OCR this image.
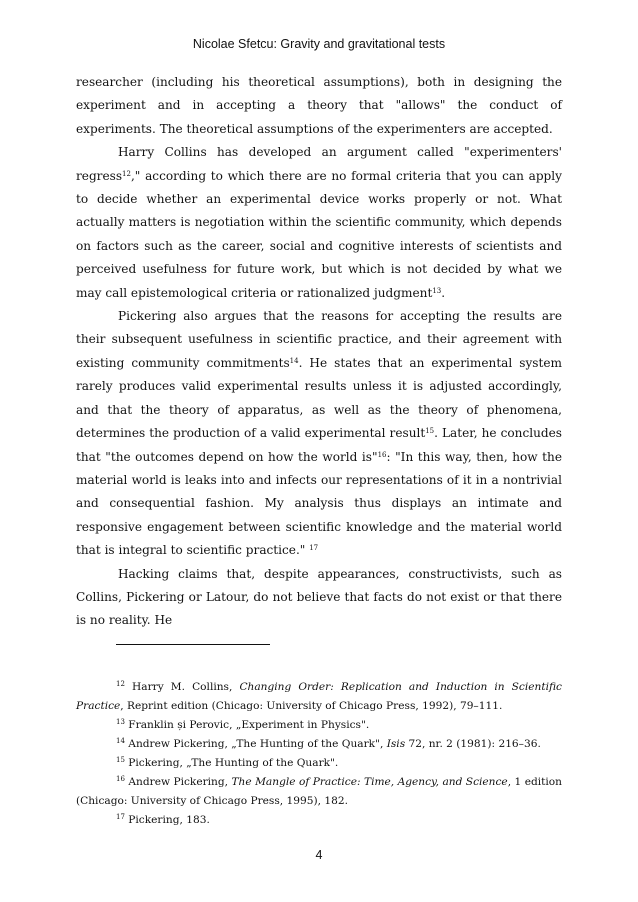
Nicolae Sfetcu: Gravity and gravitational tests

researcher (including his theoretical assumptions), both in designing the experiment and in accepting a theory that "allows" the conduct of experiments. The theoretical assumptions of the experimenters are accepted.

Harry Collins has developed an argument called "experimenters' regress$^{12}$," according to which there are no formal criteria that you can apply to decide whether an experimental device works properly or not. What actually matters is negotiation within the scientific community, which depends on factors such as the career, social and cognitive interests of scientists and perceived usefulness for future work, but which is not decided by what we may call epistemological criteria or rationalized judgment$^{13}$.

Pickering also argues that the reasons for accepting the results are their subsequent usefulness in scientific practice, and their agreement with existing community commitments$^{14}$. He states that an experimental system rarely produces valid experimental results unless it is adjusted accordingly, and that the theory of apparatus, as well as the theory of phenomena, determines the production of a valid experimental result$^{15}$. Later, he concludes that "the outcomes depend on how the world is"$^{16}$: "In this way, then, how the material world is leaks into and infects our representations of it in a nontrivial and consequential fashion. My analysis thus displays an intimate and responsive engagement between scientific knowledge and the material world that is integral to scientific practice." $^{17}$

Hacking claims that, despite appearances, constructivists, such as Collins, Pickering or Latour, do not believe that facts do not exist or that there is no reality. He

$^{12}$ Harry M. Collins, Changing Order: Replication and Induction in Scientific Practice, Reprint edition (Chicago: University of Chicago Press, 1992), 79–111.

$^{13}$ Franklin și Perovic, „Experiment in Physics".

$^{14}$ Andrew Pickering, „The Hunting of the Quark", Isis 72, nr. 2 (1981): 216–36.

$^{15}$ Pickering, „The Hunting of the Quark".

$^{16}$ Andrew Pickering, The Mangle of Practice: Time, Agency, and Science, 1 edition (Chicago: University of Chicago Press, 1995), 182.

$^{17}$ Pickering, 183.

4
